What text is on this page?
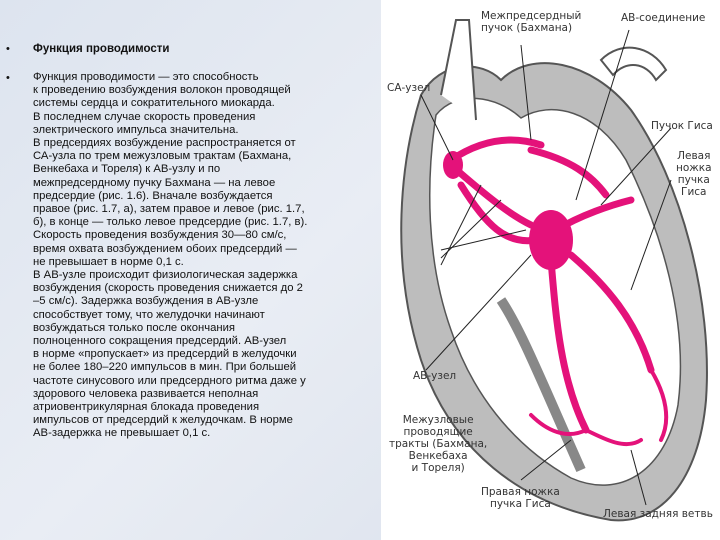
• Функция проводимости
• Функция проводимости — это способность
к проведению возбуждения волокон проводящей
системы сердца и сократительного миокарда.
В последнем случае скорость проведения
электрического импульса значительна.
В предсердиях возбуждение распространяется от
СА-узла по трем межузловым трактам (Бахмана,
Венкебаха и Тореля) к АВ-узлу и по
межпредсердному пучку Бахмана — на левое
предсердие (рис. 1.6). Вначале возбуждается
правое (рис. 1.7, а), затем правое и левое (рис. 1.7,
б), в конце — только левое предсердие (рис. 1.7, в).
Скорость проведения возбуждения 30—80 см/с,
время охвата возбуждением обоих предсердий —
не превышает в норме 0,1 с.
В АВ-узле происходит физиологическая задержка
возбуждения (скорость проведения снижается до 2
–5 см/с). Задержка возбуждения в АВ-узле
способствует тому, что желудочки начинают
возбуждаться только после окончания
полноценного сокращения предсердий. АВ-узел
в норме «пропускает» из предсердий в желудочки
не более 180–220 импульсов в мин. При большей
частоте синусового или предсердного ритма даже у
здорового человека развивается неполная
атриовентрикулярная блокада проведения
импульсов от предсердий к желудочкам. В норме
АВ-задержка не превышает 0,1 с.
Межпредсердный
пучок (Бахмана)
АВ-соединение
СА-узел
Пучок Гиса
Левая
ножка
пучка
Гиса
АВ-узел
Межузловые
проводящие
тракты (Бахмана,
Венкебаха
и Тореля)
Правая ножка
пучка Гиса
Левая задняя ветвь
